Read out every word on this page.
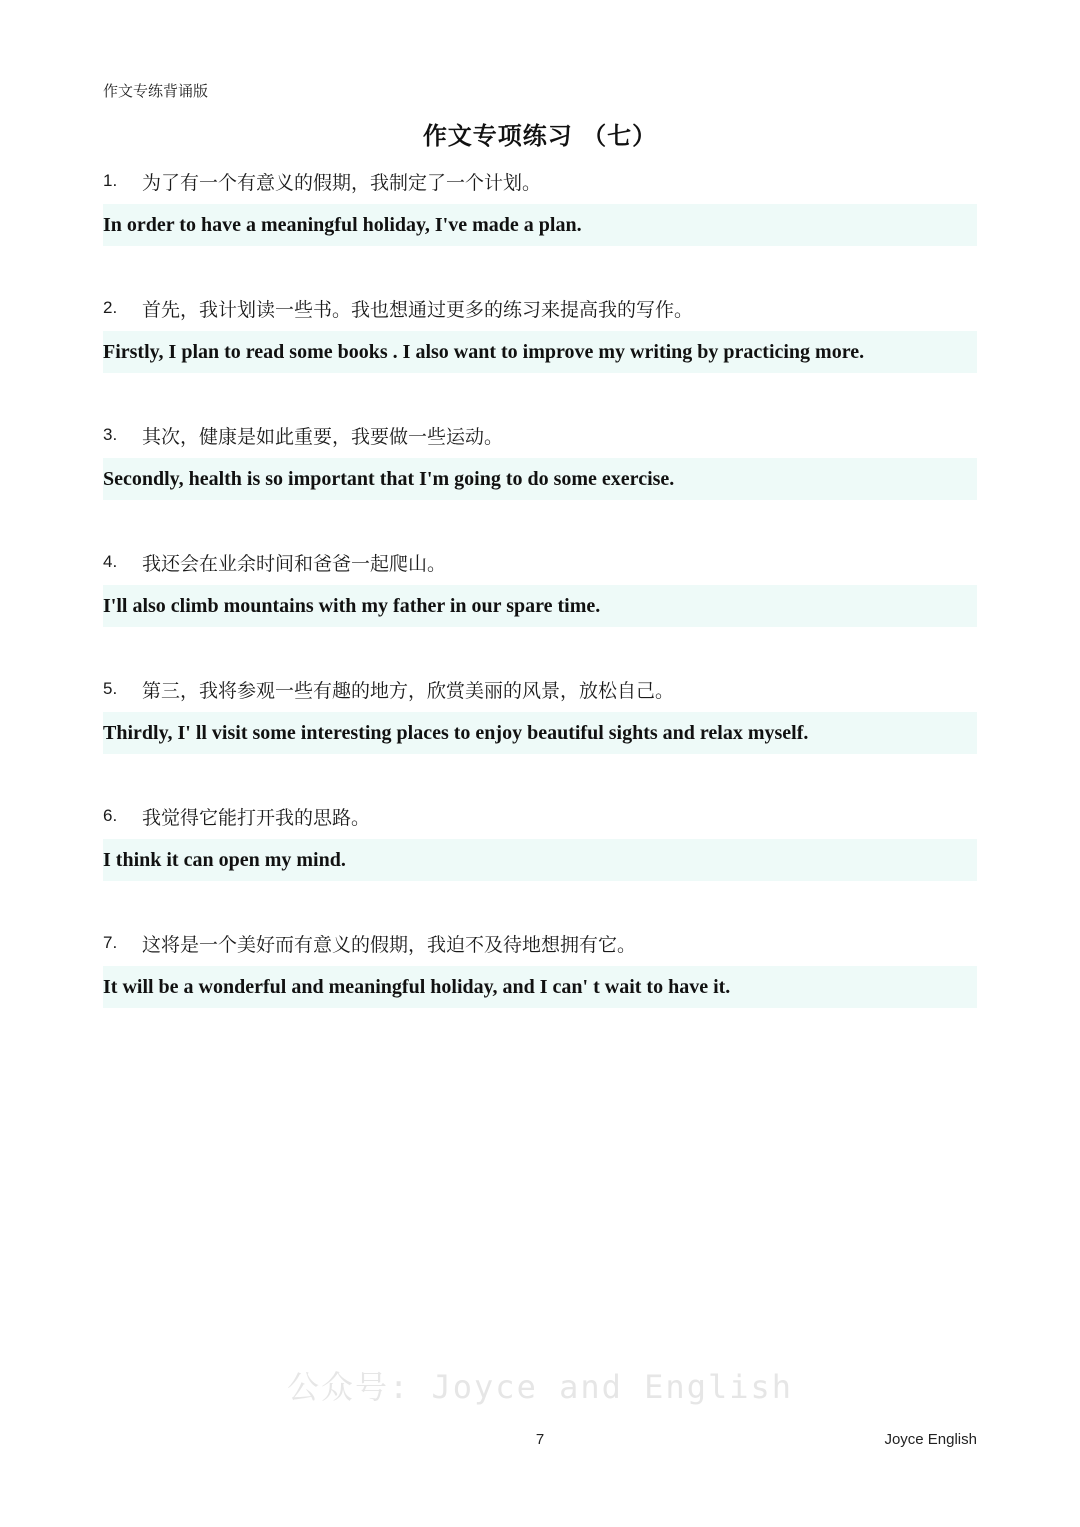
作文专练背诵版
作文专项练习 （七）
1.	为了有一个有意义的假期，我制定了一个计划。
In order to have a meaningful holiday, I've made a plan.
2.	首先，我计划读一些书。我也想通过更多的练习来提高我的写作。
Firstly, I plan to read some books . I also want to improve my writing by practicing more.
3.	其次，健康是如此重要，我要做一些运动。
Secondly, health is so important that I'm going to do some exercise.
4.	我还会在业余时间和爸爸一起爬山。
I'll also climb mountains with my father in our spare time.
5.	第三，我将参观一些有趣的地方，欣赏美丽的风景，放松自己。
Thirdly, I' ll visit some interesting places to enjoy beautiful sights and relax myself.
6.	我觉得它能打开我的思路。
I think it can open my mind.
7.	这将是一个美好而有意义的假期，我迫不及待地想拥有它。
It will be a wonderful and meaningful holiday, and I can' t wait to have it.
公众号: Joyce and English
7	Joyce English
